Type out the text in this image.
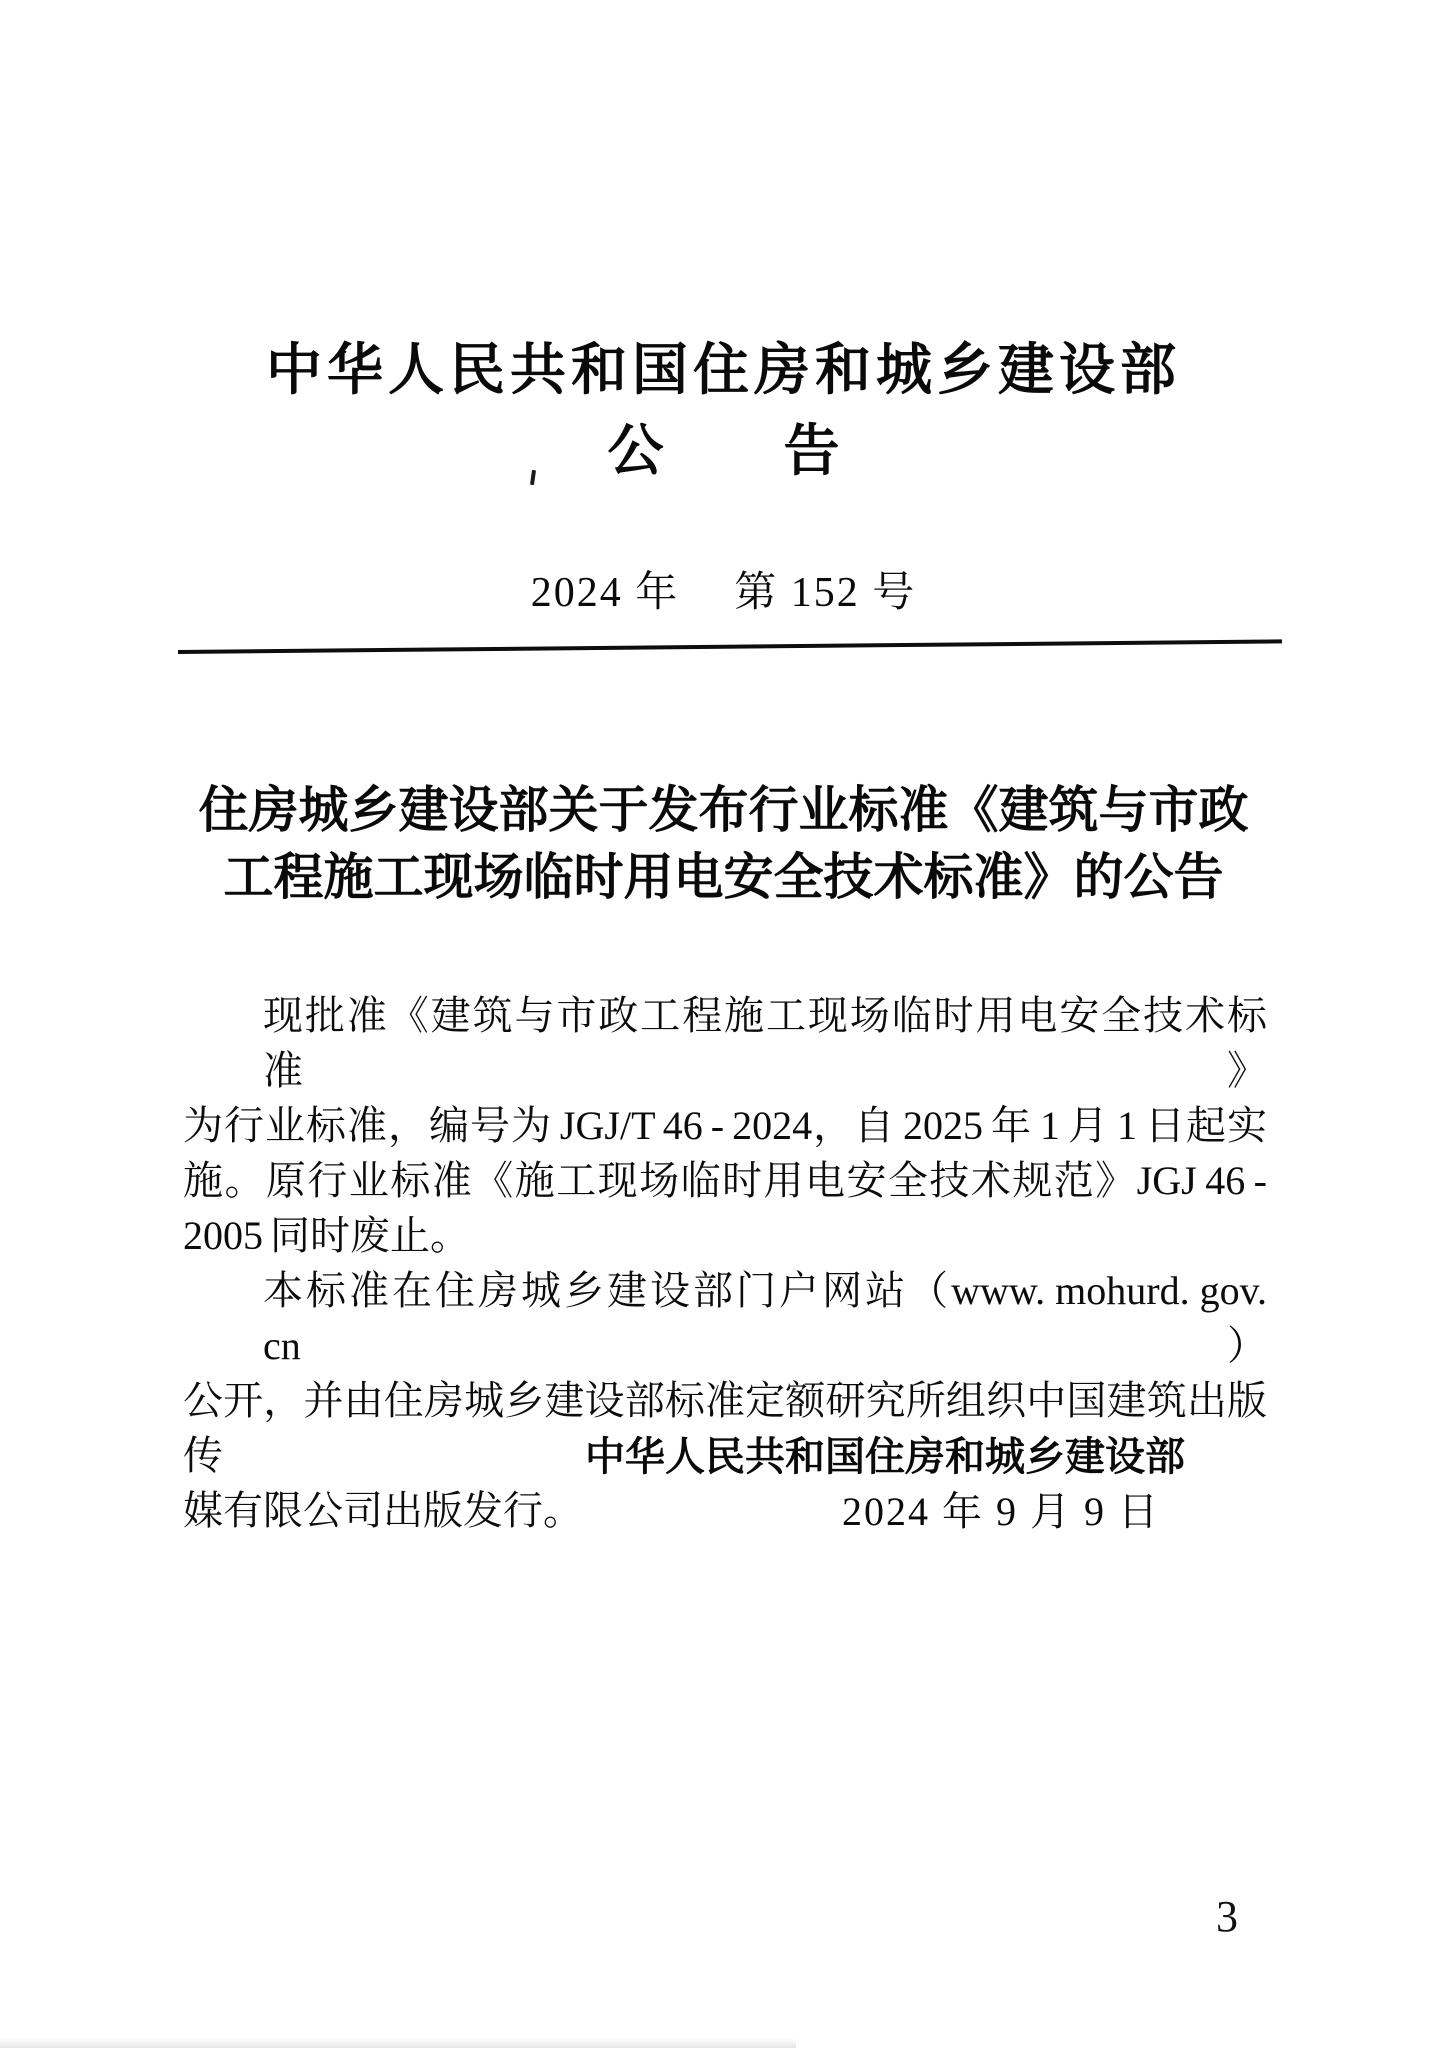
中华人民共和国住房和城乡建设部
公告
2024 年 第 152 号
住房城乡建设部关于发布行业标准《建筑与市政
工程施工现场临时用电安全技术标准》的公告
现批准《建筑与市政工程施工现场临时用电安全技术标准》
为行业标准，编号为 JGJ/T 46 - 2024，自 2025 年 1 月 1 日起实
施。原行业标准《施工现场临时用电安全技术规范》JGJ 46 -
2005 同时废止。
本标准在住房城乡建设部门户网站（www. mohurd. gov. cn）
公开，并由住房城乡建设部标准定额研究所组织中国建筑出版传
媒有限公司出版发行。
中华人民共和国住房和城乡建设部
2024 年 9 月 9 日
3
